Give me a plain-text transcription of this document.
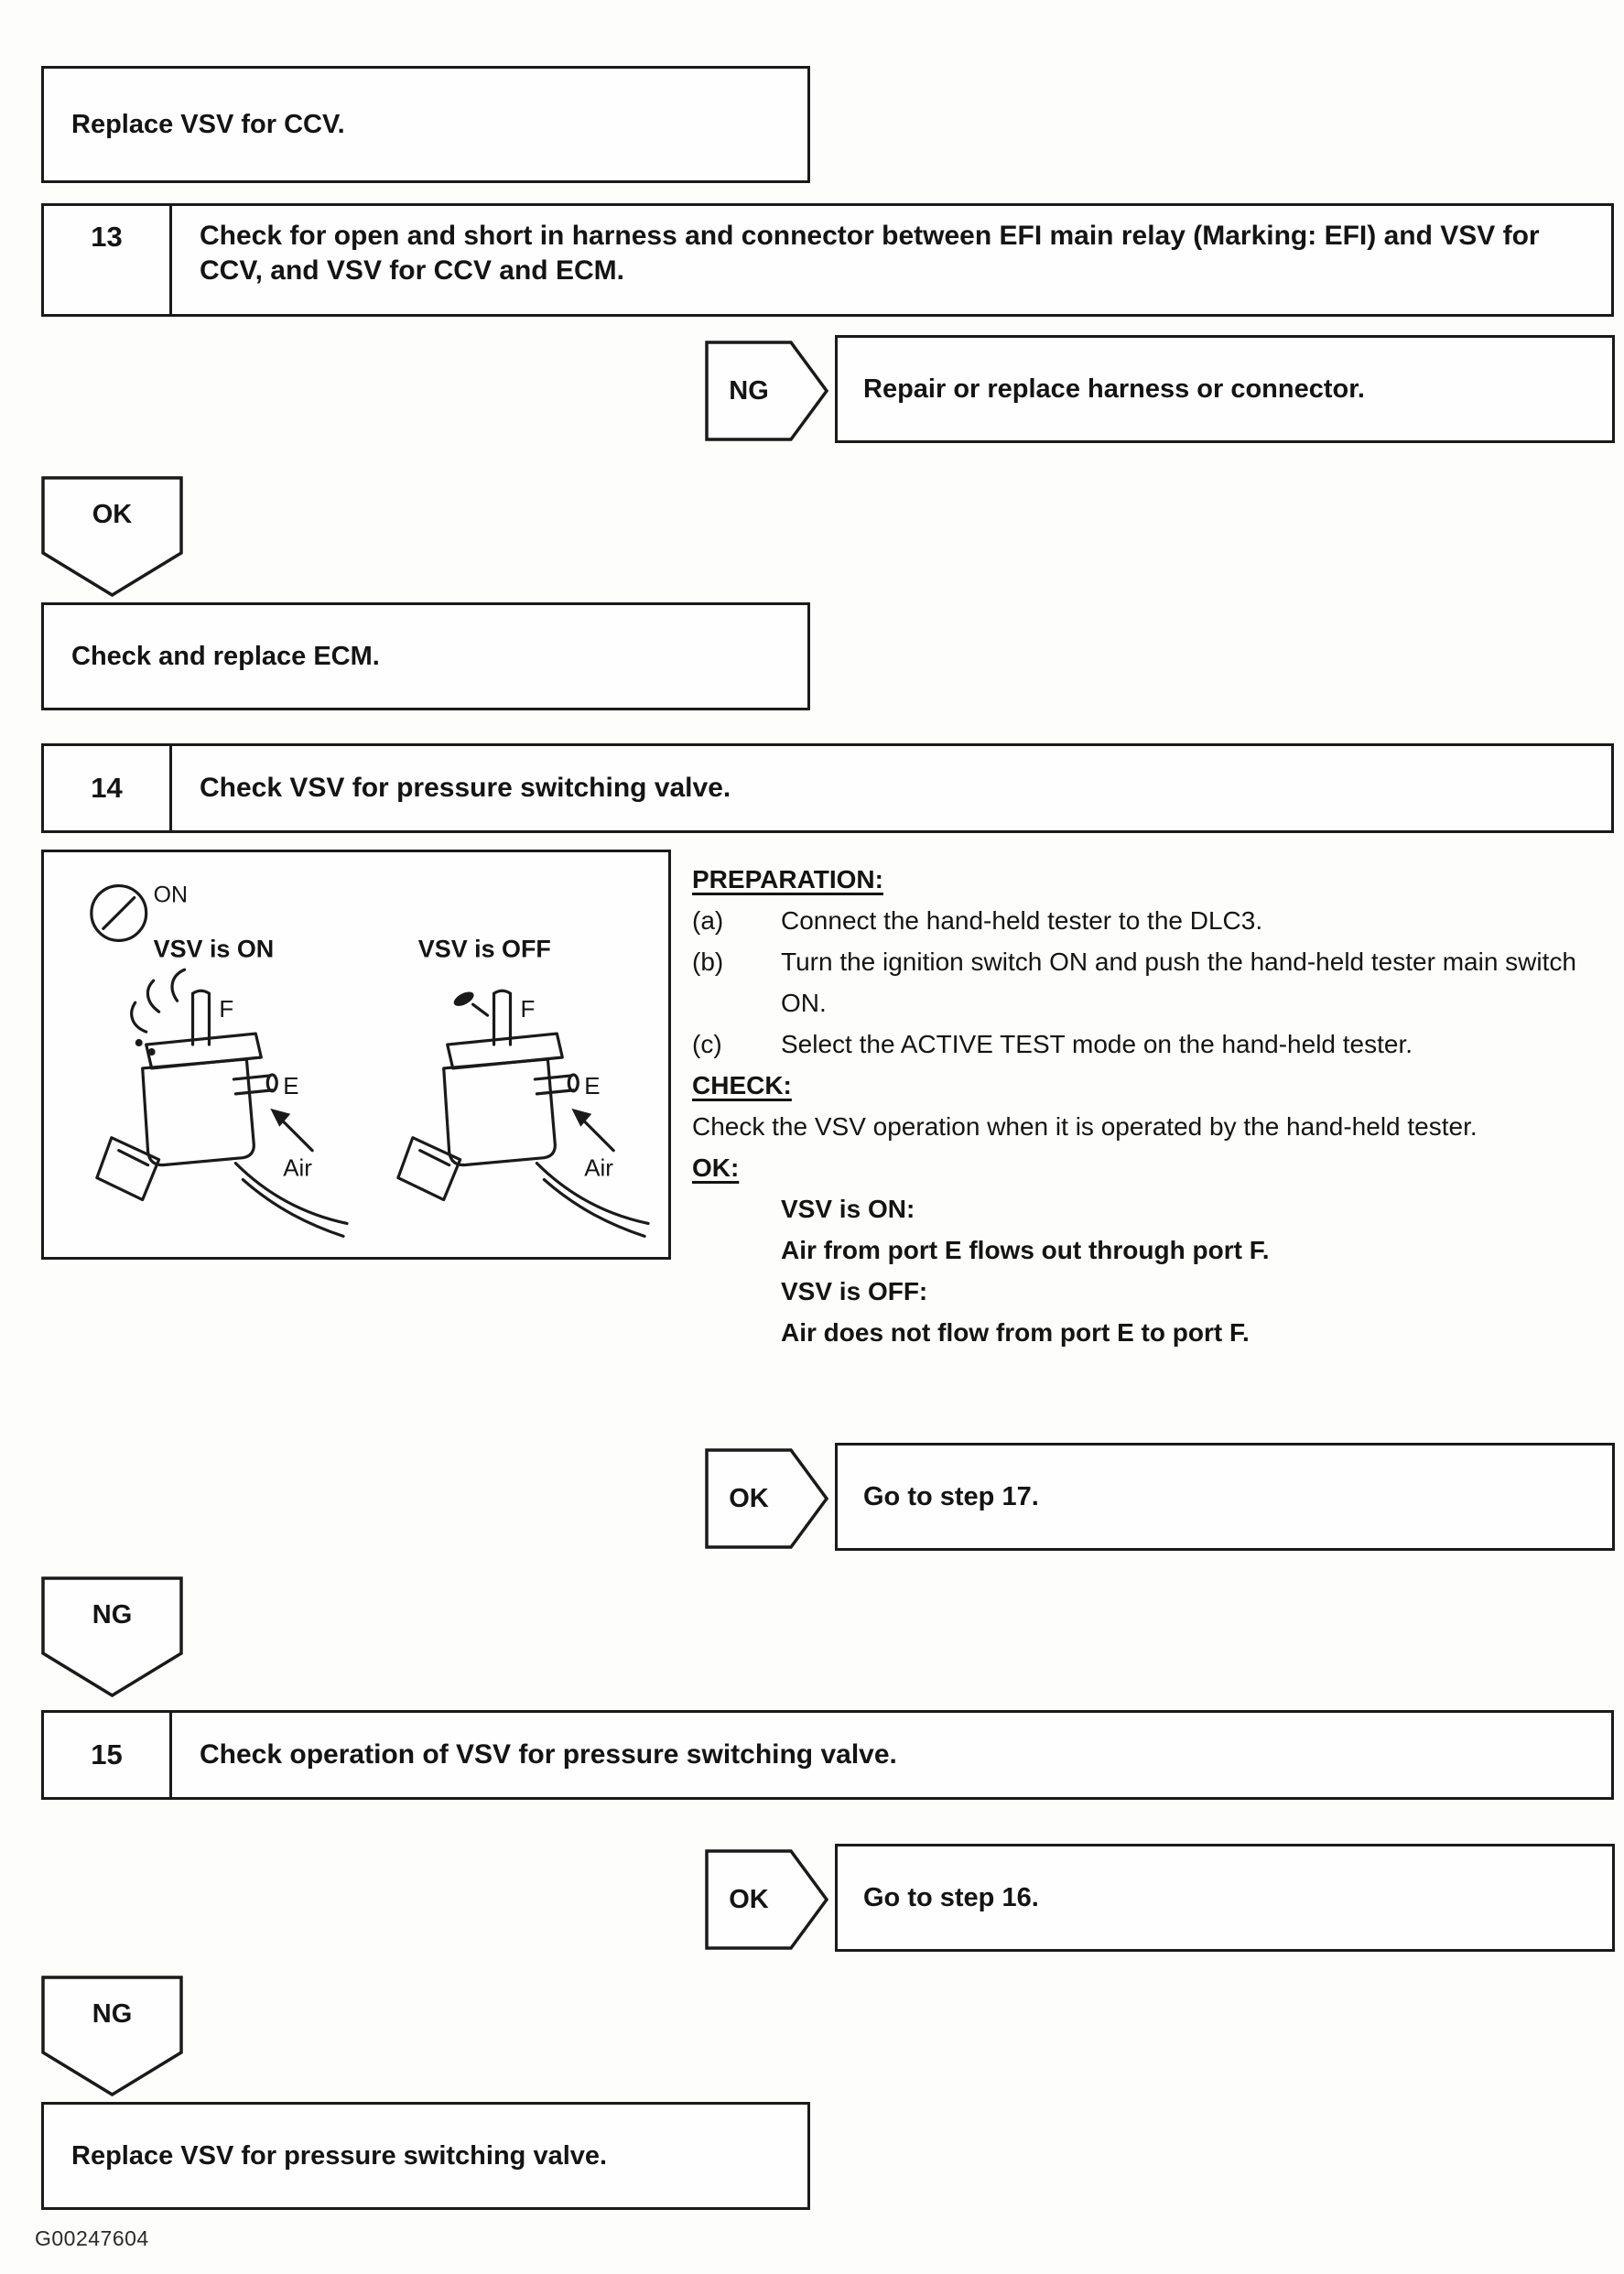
Replace VSV for CCV.
13	Check for open and short in harness and connector between EFI main relay (Marking: EFI) and VSV for CCV, and VSV for CCV and ECM.
NG	Repair or replace harness or connector.
OK
Check and replace ECM.
14	Check VSV for pressure switching valve.
ON
VSV is ON	VSV is OFF
F
E
Air
F
E
Air
PREPARATION:
(a)	Connect the hand-held tester to the DLC3.
(b)	Turn the ignition switch ON and push the hand-held tester main switch ON.
(c)	Select the ACTIVE TEST mode on the hand-held tester.
CHECK:
Check the VSV operation when it is operated by the hand-held tester.
OK:
VSV is ON:
Air from port E flows out through port F.
VSV is OFF:
Air does not flow from port E to port F.
OK	Go to step 17.
NG
15	Check operation of VSV for pressure switching valve.
OK	Go to step 16.
NG
Replace VSV for pressure switching valve.
G00247604
